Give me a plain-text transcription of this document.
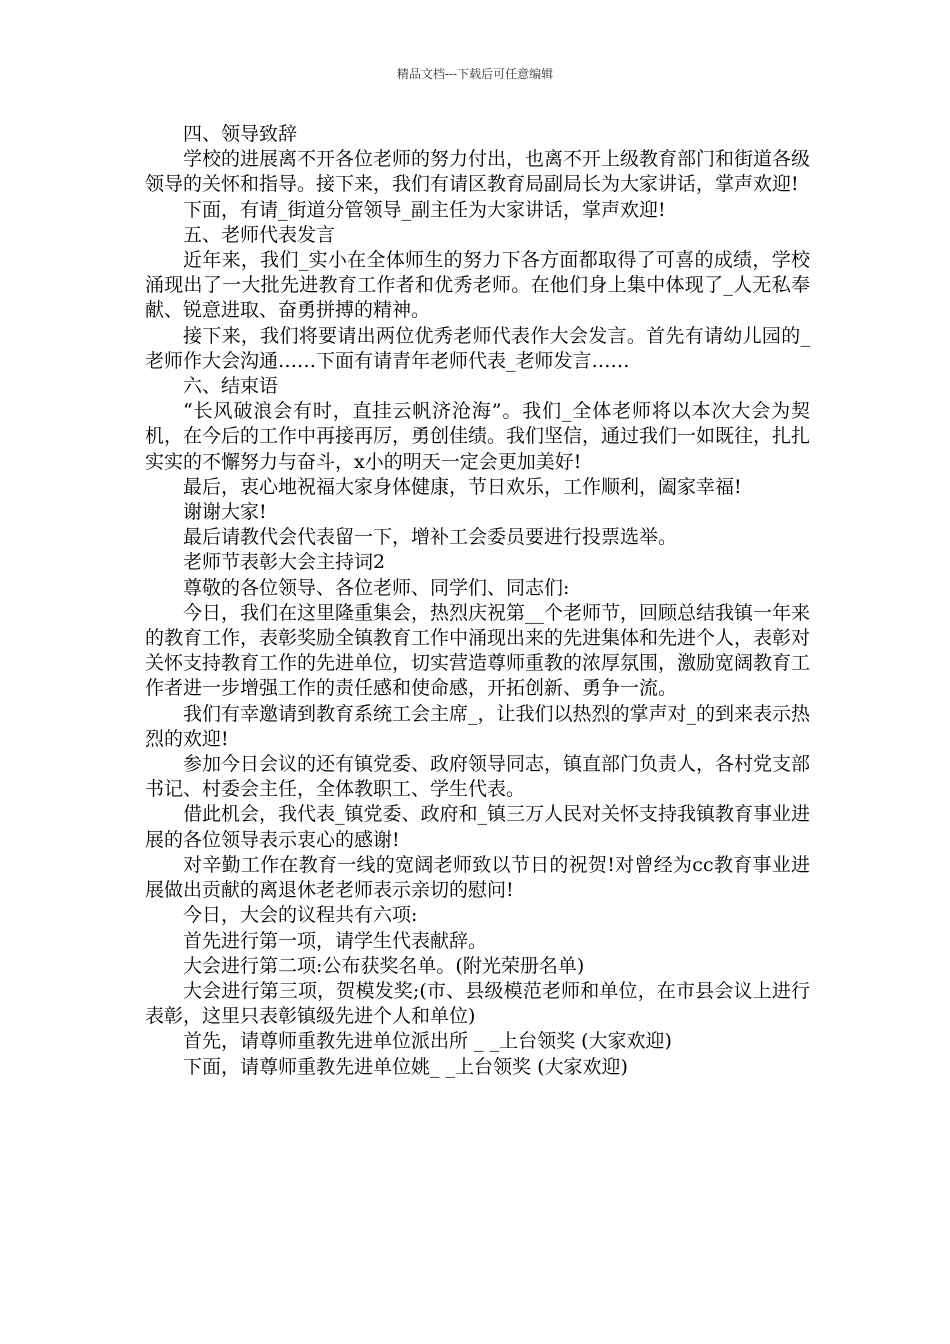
精品文档---下载后可任意编辑

四、领导致辞

学校的进展离不开各位老师的努力付出，也离不开上级教育部门和街道各级领导的关怀和指导。接下来，我们有请区教育局副局长为大家讲话，掌声欢迎!

下面，有请_街道分管领导_副主任为大家讲话，掌声欢迎!

五、老师代表发言

近年来，我们_实小在全体师生的努力下各方面都取得了可喜的成绩，学校涌现出了一大批先进教育工作者和优秀老师。在他们身上集中体现了_人无私奉献、锐意进取、奋勇拼搏的精神。

接下来，我们将要请出两位优秀老师代表作大会发言。首先有请幼儿园的_老师作大会沟通……下面有请青年老师代表_老师发言……

六、结束语

“长风破浪会有时，直挂云帆济沧海”。我们_全体老师将以本次大会为契机，在今后的工作中再接再厉，勇创佳绩。我们坚信，通过我们一如既往，扎扎实实的不懈努力与奋斗，x小的明天一定会更加美好!

最后，衷心地祝福大家身体健康，节日欢乐，工作顺利，阖家幸福!

谢谢大家!

最后请教代会代表留一下，增补工会委员要进行投票选举。

老师节表彰大会主持词2

尊敬的各位领导、各位老师、同学们、同志们:

今日，我们在这里隆重集会，热烈庆祝第__个老师节，回顾总结我镇一年来的教育工作，表彰奖励全镇教育工作中涌现出来的先进集体和先进个人，表彰对关怀支持教育工作的先进单位，切实营造尊师重教的浓厚氛围，激励宽阔教育工作者进一步增强工作的责任感和使命感，开拓创新、勇争一流。

我们有幸邀请到教育系统工会主席_，让我们以热烈的掌声对_的到来表示热烈的欢迎!

参加今日会议的还有镇党委、政府领导同志，镇直部门负责人，各村党支部书记、村委会主任，全体教职工、学生代表。

借此机会，我代表_镇党委、政府和_镇三万人民对关怀支持我镇教育事业进展的各位领导表示衷心的感谢!

对辛勤工作在教育一线的宽阔老师致以节日的祝贺!对曾经为cc教育事业进展做出贡献的离退休老老师表示亲切的慰问!

今日，大会的议程共有六项:

首先进行第一项，请学生代表献辞。

大会进行第二项:公布获奖名单。(附光荣册名单)

大会进行第三项，贺模发奖;(市、县级模范老师和单位，在市县会议上进行表彰，这里只表彰镇级先进个人和单位)

首先，请尊师重教先进单位派出所 _ _上台领奖 (大家欢迎)

下面，请尊师重教先进单位姚_ _上台领奖 (大家欢迎)
